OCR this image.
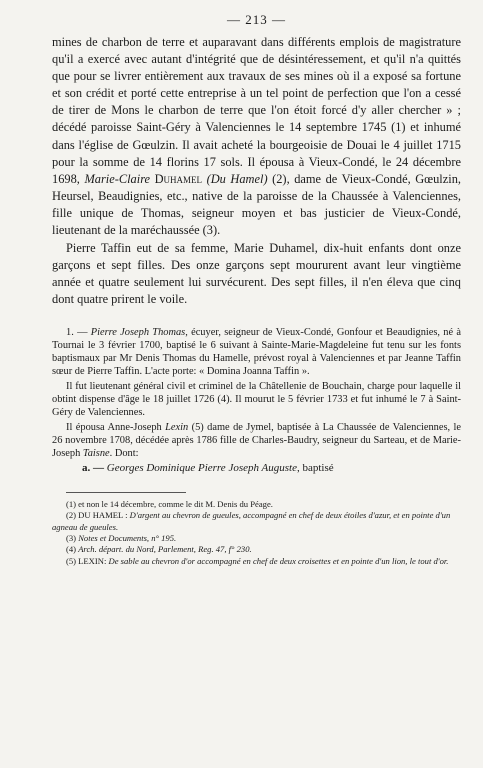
— 213 —

mines de charbon de terre et auparavant dans différents emplois de magistrature qu'il a exercé avec autant d'intégrité que de désintéressement, et qu'il n'a quittés que pour se livrer entièrement aux travaux de ses mines où il a exposé sa fortune et son crédit et porté cette entreprise à un tel point de perfection que l'on a cessé de tirer de Mons le charbon de terre que l'on étoit forcé d'y aller chercher » ; décédé paroisse Saint-Géry à Valenciennes le 14 septembre 1745 (1) et inhumé dans l'église de Gœulzin. Il avait acheté la bourgeoisie de Douai le 4 juillet 1715 pour la somme de 14 florins 17 sols. Il épousa à Vieux-Condé, le 24 décembre 1698, Marie-Claire Duhamel (Du Hamel) (2), dame de Vieux-Condé, Gœulzin, Heursel, Beaudignies, etc., native de la paroisse de la Chaussée à Valenciennes, fille unique de Thomas, seigneur moyen et bas justicier de Vieux-Condé, lieutenant de la maréchaussée (3).

Pierre Taffin eut de sa femme, Marie Duhamel, dix-huit enfants dont onze garçons et sept filles. Des onze garçons sept moururent avant leur vingtième année et quatre seulement lui survécurent. Des sept filles, il n'en éleva que cinq dont quatre prirent le voile.

1. — Pierre Joseph Thomas, écuyer, seigneur de Vieux-Condé, Gonfour et Beaudignies, né à Tournai le 3 février 1700, baptisé le 6 suivant à Sainte-Marie-Magdeleine fut tenu sur les fonts baptismaux par Mr Denis Thomas du Hamelle, prévost royal à Valenciennes et par Jeanne Taffin sœur de Pierre Taffin. L'acte porte: « Domina Joanna Taffin ».

Il fut lieutenant général civil et criminel de la Châtellenie de Bouchain, charge pour laquelle il obtint dispense d'âge le 18 juillet 1726 (4). Il mourut le 5 février 1733 et fut inhumé le 7 à Saint-Géry de Valenciennes.

Il épousa Anne-Joseph Lexin (5) dame de Jymel, baptisée à La Chaussée de Valenciennes, le 26 novembre 1708, décédée après 1786 fille de Charles-Baudry, seigneur du Sarteau, et de Marie-Joseph Taisne. Dont:

a. — Georges Dominique Pierre Joseph Auguste, baptisé

(1) et non le 14 décembre, comme le dit M. Denis du Péage.

(2) DU HAMEL : D'argent au chevron de gueules, accompagné en chef de deux étoiles d'azur, et en pointe d'un agneau de gueules.

(3) Notes et Documents, n° 195.

(4) Arch. départ. du Nord, Parlement, Reg. 47, f° 230.

(5) LEXIN: De sable au chevron d'or accompagné en chef de deux croisettes et en pointe d'un lion, le tout d'or.
